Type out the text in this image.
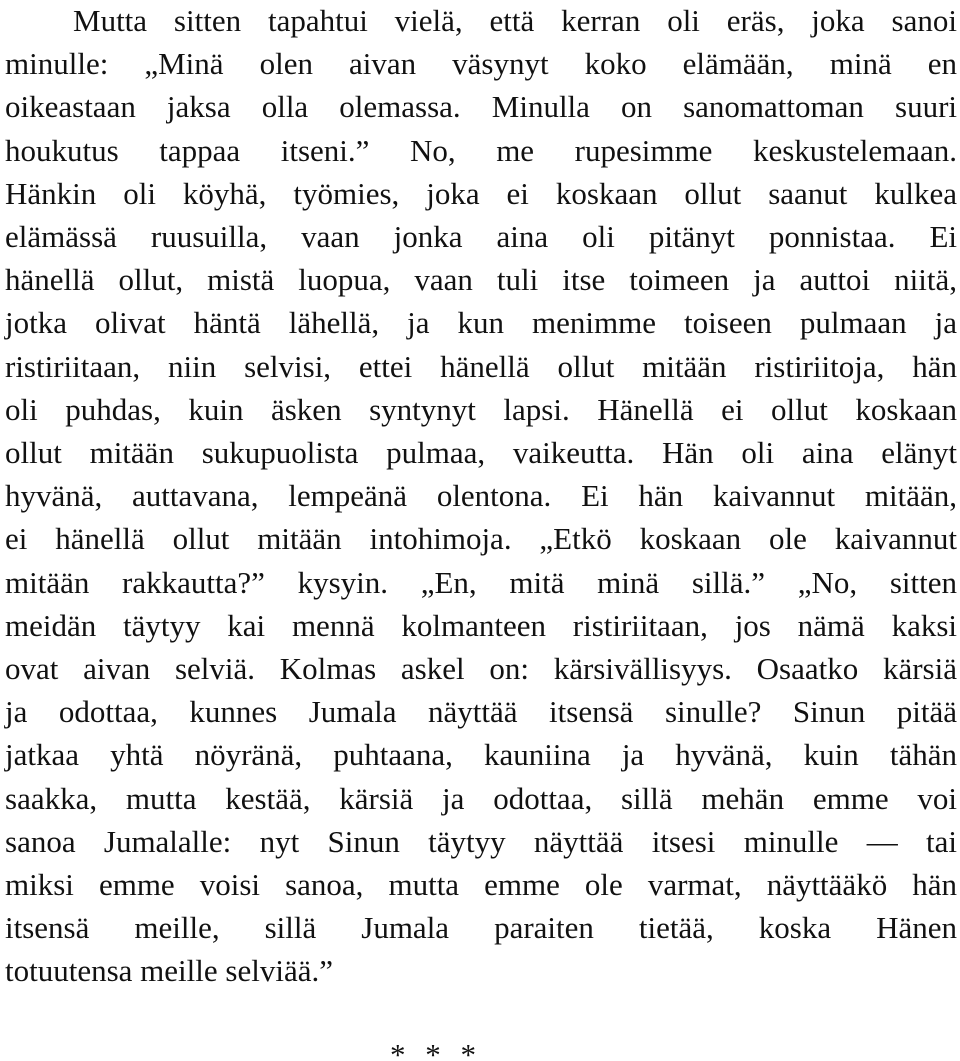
Mutta sitten tapahtui vielä, että kerran oli eräs, joka sanoi
minulle: „Minä olen aivan väsynyt koko elämään, minä en
oikeastaan jaksa olla olemassa. Minulla on sanomattoman suuri
houkutus tappaa itseni.” No, me rupesimme keskustelemaan.
Hänkin oli köyhä, työmies, joka ei koskaan ollut saanut kulkea
elämässä ruusuilla, vaan jonka aina oli pitänyt ponnistaa. Ei
hänellä ollut, mistä luopua, vaan tuli itse toimeen ja auttoi niitä,
jotka olivat häntä lähellä, ja kun menimme toiseen pulmaan ja
ristiriitaan, niin selvisi, ettei hänellä ollut mitään ristiriitoja, hän
oli puhdas, kuin äsken syntynyt lapsi. Hänellä ei ollut koskaan
ollut mitään sukupuolista pulmaa, vaikeutta. Hän oli aina elänyt
hyvänä, auttavana, lempeänä olentona. Ei hän kaivannut mitään,
ei hänellä ollut mitään intohimoja. „Etkö koskaan ole kaivannut
mitään rakkautta?” kysyin. „En, mitä minä sillä.” „No, sitten
meidän täytyy kai mennä kolmanteen ristiriitaan, jos nämä kaksi
ovat aivan selviä. Kolmas askel on: kärsivällisyys. Osaatko kärsiä
ja odottaa, kunnes Jumala näyttää itsensä sinulle? Sinun pitää
jatkaa yhtä nöyränä, puhtaana, kauniina ja hyvänä, kuin tähän
saakka, mutta kestää, kärsiä ja odottaa, sillä mehän emme voi
sanoa Jumalalle: nyt Sinun täytyy näyttää itsesi minulle — tai
miksi emme voisi sanoa, mutta emme ole varmat, näyttääkö hän
itsensä meille, sillä Jumala paraiten tietää, koska Hänen
totuutensa meille selviää.”
* * *
